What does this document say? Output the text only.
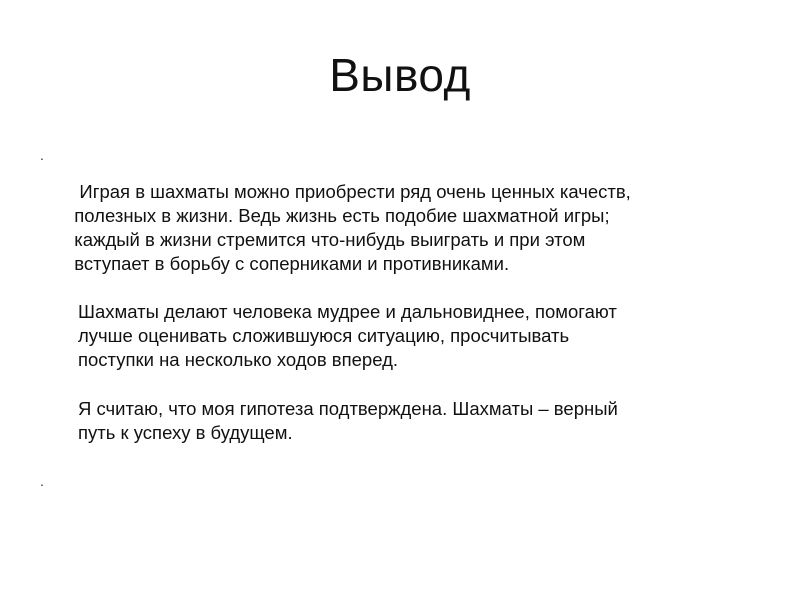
Вывод
.

Играя в шахматы можно приобрести ряд очень ценных качеств,
полезных в жизни. Ведь жизнь есть подобие шахматной игры;
каждый в жизни стремится что-нибудь выиграть и при этом
вступает в борьбу с соперниками и противниками.

Шахматы делают человека мудрее и дальновиднее, помогают
лучше оценивать сложившуюся ситуацию, просчитывать
поступки на несколько ходов вперед.

Я считаю, что моя гипотеза подтверждена. Шахматы – верный
путь к успеху в будущем.

.
